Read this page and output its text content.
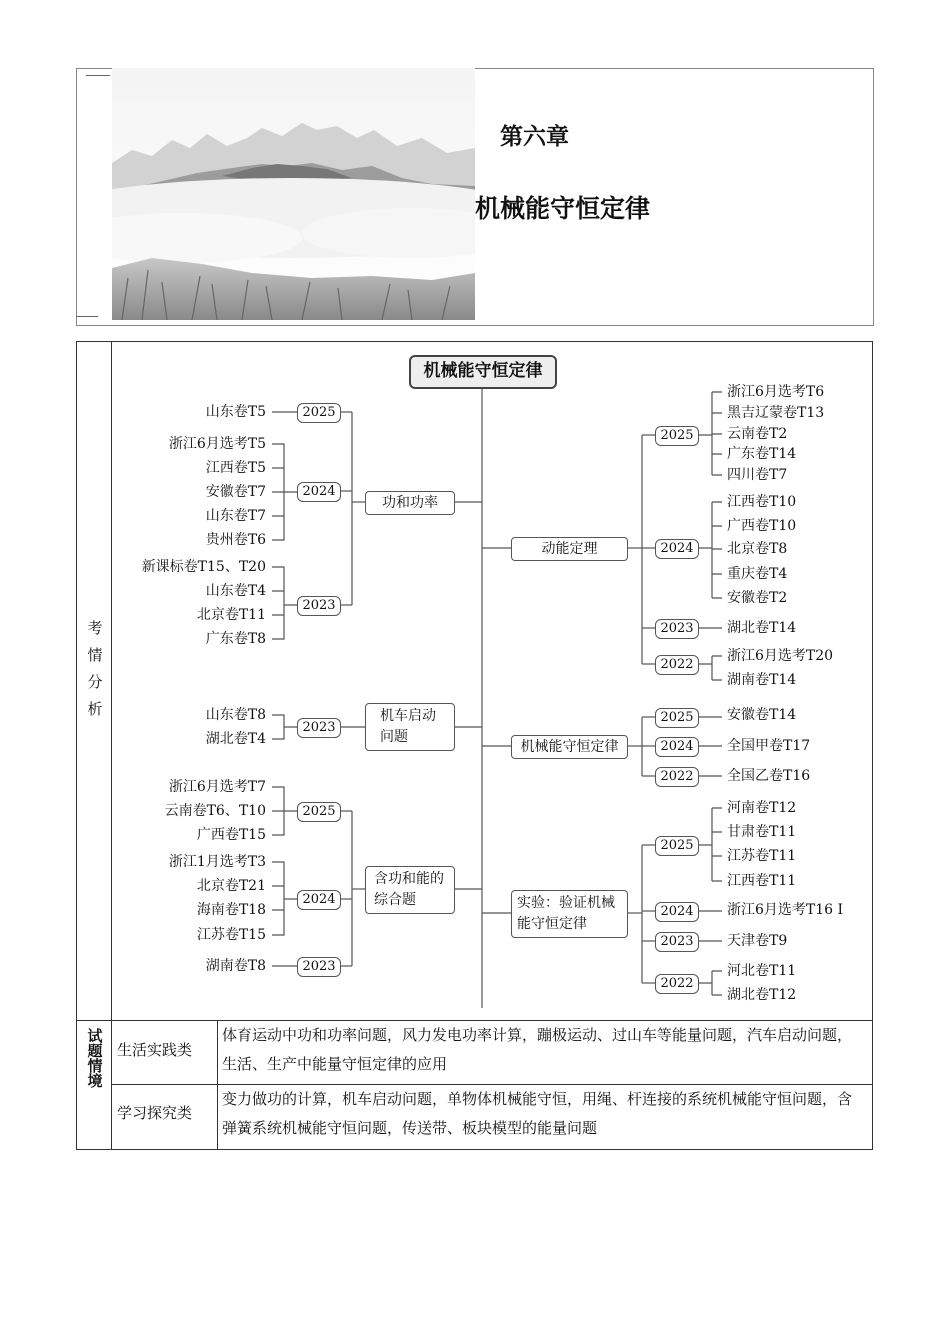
第六章
机械能守恒定律
考情分析
试题情境 生活实践类
体育运动中功和功率问题，风力发电功率计算，蹦极运动、过山车等能量问题，汽车启动问题，生活、生产中能量守恒定律的应用
学习探究类
变力做功的计算，机车启动问题，单物体机械能守恒，用绳、杆连接的系统机械能守恒问题，含弹簧系统机械能守恒问题，传送带、板块模型的能量问题
机械能守恒定律
功和功率
机车启动问题
含功和能的综合题
动能定理
机械能守恒定律
实验：验证机械能守恒定律
2025
2024
2023
2023
2025
2024
2023
2025
2024
2023
2022
2025
2024
2022
2025
2024
2023
2022
山东卷T5
浙江6月选考T5
江西卷T5
安徽卷T7
山东卷T7
贵州卷T6
新课标卷T15、T20
山东卷T4
北京卷T11
广东卷T8
山东卷T8
湖北卷T4
浙江6月选考T7
云南卷T6、T10
广西卷T15
浙江1月选考T3
北京卷T21
海南卷T18
江苏卷T15
湖南卷T8
浙江6月选考T6
黑吉辽蒙卷T13
云南卷T2
广东卷T14
四川卷T7
江西卷T10
广西卷T10
北京卷T8
重庆卷T4
安徽卷T2
湖北卷T14
浙江6月选考T20
湖南卷T14
安徽卷T14
全国甲卷T17
全国乙卷T16
河南卷T12
甘肃卷T11
江苏卷T11
江西卷T11
浙江6月选考T16 Ⅰ
天津卷T9
河北卷T11
湖北卷T12
